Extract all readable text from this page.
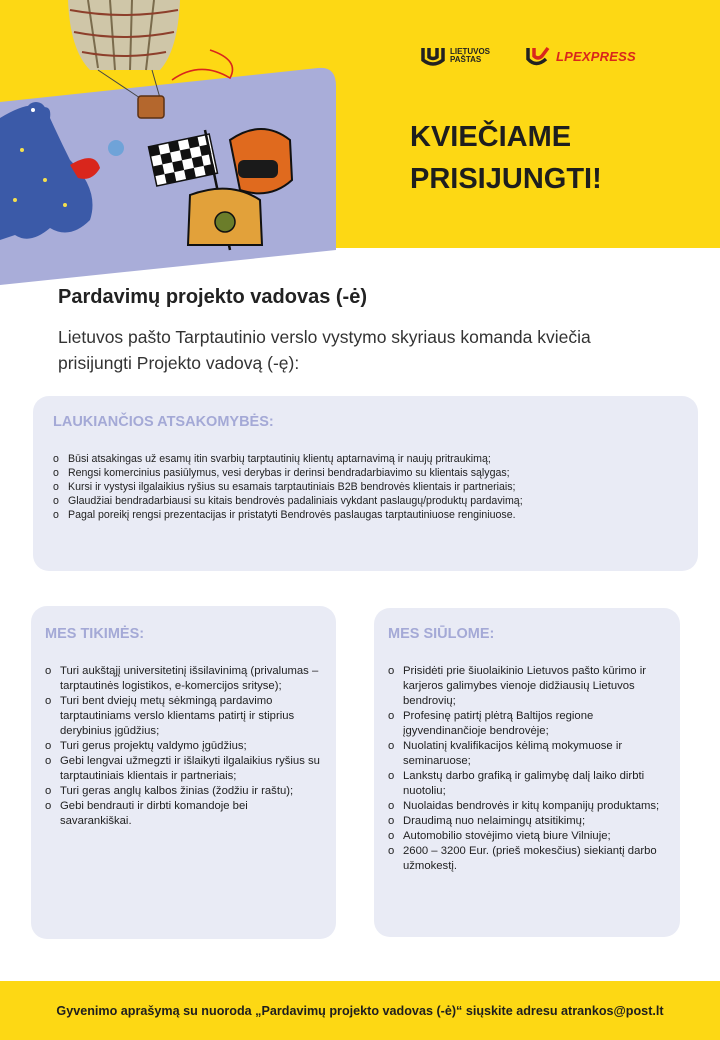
LIETUVOS
PAŠTAS	LPEXPRESS
KVIEČIAME
PRISIJUNGTI!
Pardavimų projekto vadovas (-ė)
Lietuvos pašto Tarptautinio verslo vystymo skyriaus komanda kviečia prisijungti Projekto vadovą (-ę):
LAUKIANČIOS ATSAKOMYBĖS:
o Būsi atsakingas už esamų itin svarbių tarptautinių klientų aptarnavimą ir naujų pritraukimą;
o Rengsi komercinius pasiūlymus, vesi derybas ir derinsi bendradarbiavimo su klientais sąlygas;
o Kursi ir vystysi ilgalaikius ryšius su esamais tarptautiniais B2B bendrovės klientais ir partneriais;
o Glaudžiai bendradarbiausi su kitais bendrovės padaliniais vykdant paslaugų/produktų pardavimą;
o Pagal poreikį rengsi prezentacijas ir pristatyti Bendrovės paslaugas tarptautiniuose renginiuose.
MES TIKIMĖS:
o Turi aukštąjį universitetinį išsilavinimą (privalumas – tarptautinės logistikos, e-komercijos srityse);
o Turi bent dviejų metų sėkmingą pardavimo tarptautiniams verslo klientams patirtį ir stiprius derybinius įgūdžius;
o Turi gerus projektų valdymo įgūdžius;
o Gebi lengvai užmegzti ir išlaikyti ilgalaikius ryšius su tarptautiniais klientais ir partneriais;
o Turi geras anglų kalbos žinias (žodžiu ir raštu);
o Gebi bendrauti ir dirbti komandoje bei savarankiškai.
MES SIŪLOME:
o Prisidėti prie šiuolaikinio Lietuvos pašto kūrimo ir karjeros galimybes vienoje didžiausių Lietuvos bendrovių;
o Profesinę patirtį plėtrą Baltijos regione įgyvendinančioje bendrovėje;
o Nuolatinį kvalifikacijos kėlimą mokymuose ir seminaruose;
o Lankstų darbo grafiką ir galimybę dalį laiko dirbti nuotoliu;
o Nuolaidas bendrovės ir kitų kompanijų produktams;
o Draudimą nuo nelaimingų atsitikimų;
o Automobilio stovėjimo vietą biure Vilniuje;
o 2600 – 3200 Eur. (prieš mokesčius) siekiantį darbo užmokestį.
Gyvenimo aprašymą su nuoroda „Pardavimų projekto vadovas (-ė)“ siųskite adresu atrankos@post.lt
